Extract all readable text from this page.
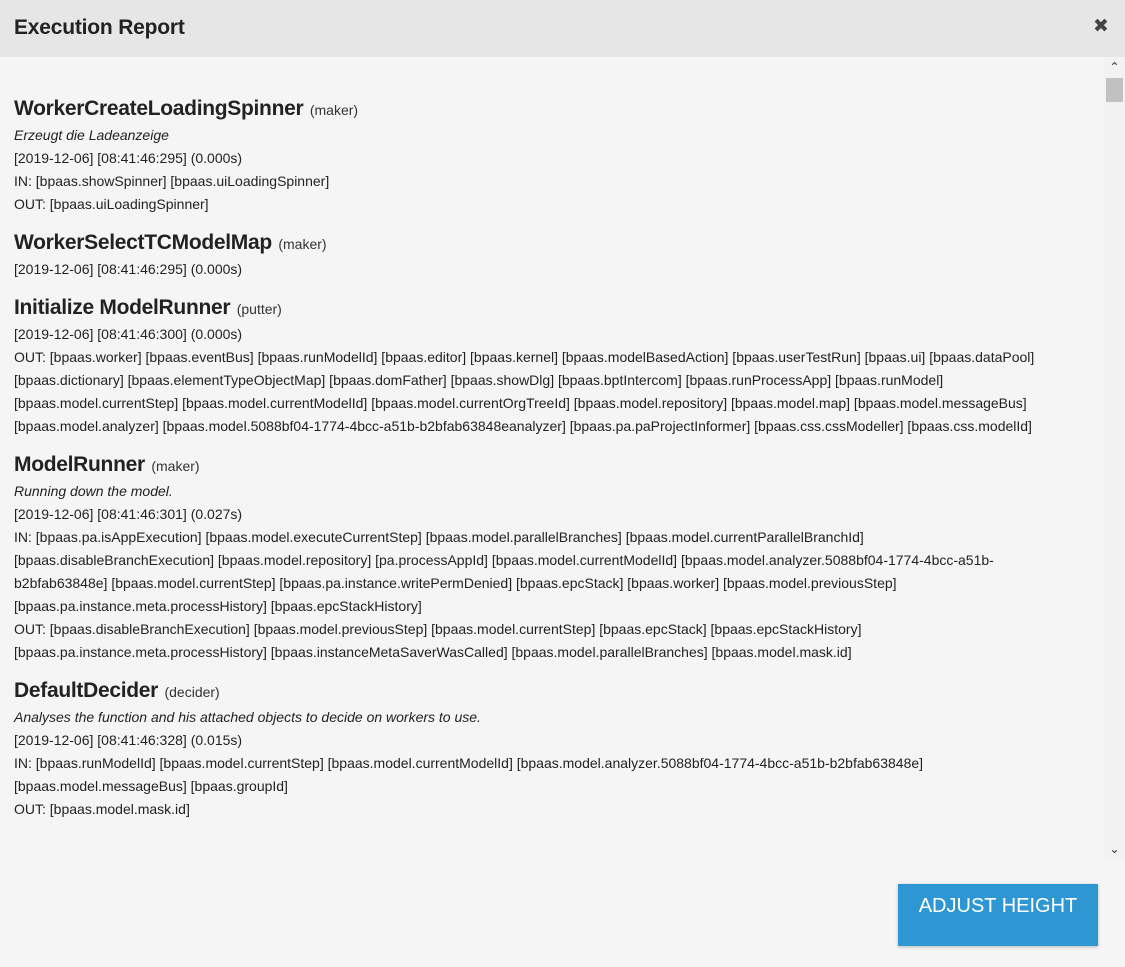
Execution Report	✖
WorkerCreateLoadingSpinner (maker)
Erzeugt die Ladeanzeige
[2019-12-06] [08:41:46:295] (0.000s)
IN: [bpaas.showSpinner] [bpaas.uiLoadingSpinner]
OUT: [bpaas.uiLoadingSpinner]
WorkerSelectTCModelMap (maker)
[2019-12-06] [08:41:46:295] (0.000s)
Initialize ModelRunner (putter)
[2019-12-06] [08:41:46:300] (0.000s)
OUT: [bpaas.worker] [bpaas.eventBus] [bpaas.runModelId] [bpaas.editor] [bpaas.kernel] [bpaas.modelBasedAction] [bpaas.userTestRun] [bpaas.ui] [bpaas.dataPool]
[bpaas.dictionary] [bpaas.elementTypeObjectMap] [bpaas.domFather] [bpaas.showDlg] [bpaas.bptIntercom] [bpaas.runProcessApp] [bpaas.runModel]
[bpaas.model.currentStep] [bpaas.model.currentModelId] [bpaas.model.currentOrgTreeId] [bpaas.model.repository] [bpaas.model.map] [bpaas.model.messageBus]
[bpaas.model.analyzer] [bpaas.model.5088bf04-1774-4bcc-a51b-b2bfab63848eanalyzer] [bpaas.pa.paProjectInformer] [bpaas.css.cssModeller] [bpaas.css.modelId]
ModelRunner (maker)
Running down the model.
[2019-12-06] [08:41:46:301] (0.027s)
IN: [bpaas.pa.isAppExecution] [bpaas.model.executeCurrentStep] [bpaas.model.parallelBranches] [bpaas.model.currentParallelBranchId]
[bpaas.disableBranchExecution] [bpaas.model.repository] [pa.processAppId] [bpaas.model.currentModelId] [bpaas.model.analyzer.5088bf04-1774-4bcc-a51b-
b2bfab63848e] [bpaas.model.currentStep] [bpaas.pa.instance.writePermDenied] [bpaas.epcStack] [bpaas.worker] [bpaas.model.previousStep]
[bpaas.pa.instance.meta.processHistory] [bpaas.epcStackHistory]
OUT: [bpaas.disableBranchExecution] [bpaas.model.previousStep] [bpaas.model.currentStep] [bpaas.epcStack] [bpaas.epcStackHistory]
[bpaas.pa.instance.meta.processHistory] [bpaas.instanceMetaSaverWasCalled] [bpaas.model.parallelBranches] [bpaas.model.mask.id]
DefaultDecider (decider)
Analyses the function and his attached objects to decide on workers to use.
[2019-12-06] [08:41:46:328] (0.015s)
IN: [bpaas.runModelId] [bpaas.model.currentStep] [bpaas.model.currentModelId] [bpaas.model.analyzer.5088bf04-1774-4bcc-a51b-b2bfab63848e]
[bpaas.model.messageBus] [bpaas.groupId]
OUT: [bpaas.model.mask.id]
⌃
⌄
ADJUST HEIGHT
